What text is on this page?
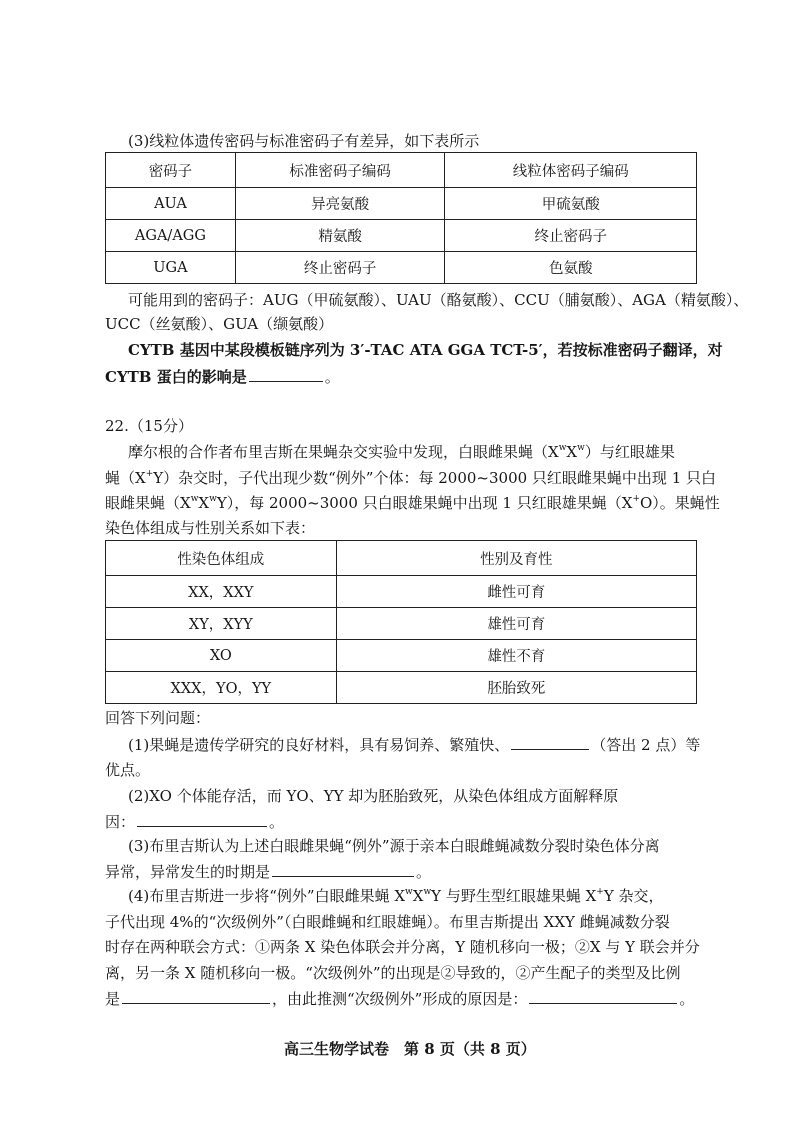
(3)线粒体遗传密码与标准密码子有差异，如下表所示
密码子	标准密码子编码	线粒体密码子编码
AUA	异亮氨酸	甲硫氨酸
AGA/AGG	精氨酸	终止密码子
UGA	终止密码子	色氨酸
可能用到的密码子：AUG（甲硫氨酸）、UAU（酪氨酸）、CCU（脯氨酸）、AGA（精氨酸）、
UCC（丝氨酸）、GUA（缬氨酸）
CYTB 基因中某段模板链序列为 3′-TAC ATA GGA TCT-5′，若按标准密码子翻译，对
CYTB 蛋白的影响是	。
22.（15分）
摩尔根的合作者布里吉斯在果蝇杂交实验中发现，白眼雌果蝇$(X^wX^w)$与红眼雄果
蝇（X+Y）杂交时，子代出现少数“例外”个体：每 2000~3000 只红眼雌果蝇中出现 1 只白
眼雌果蝇$(X^wX^wY)$，每 2000~3000 只白眼雄果蝇中出现 1 只红眼雄果蝇（X+O）。果蝇性
染色体组成与性别关系如下表：
性染色体组成	性别及育性
XX，XXY	雌性可育
XY，XYY	雄性可育
XO	雄性不育
XXX，YO，YY	胚胎致死
回答下列问题：
(1)果蝇是遗传学研究的良好材料，具有易饲养、繁殖快、	（答出 2 点）等
优点。
(2)XO 个体能存活，而 YO、YY 却为胚胎致死，从染色体组成方面解释原
因：	。
(3)布里吉斯认为上述白眼雌果蝇“例外”源于亲本白眼雌蝇减数分裂时染色体分离
异常，异常发生的时期是	。
(4)布里吉斯进一步将“例外”白眼雌果蝇 $X^wX^wY$ 与野生型红眼雄果蝇 X+Y 杂交，
子代出现 4%的“次级例外”（白眼雌蝇和红眼雄蝇）。布里吉斯提出 XXY 雌蝇减数分裂
时存在两种联会方式：①两条 X 染色体联会并分离，Y 随机移向一极；②X 与 Y 联会并分
离，另一条 X 随机移向一极。“次级例外”的出现是②导致的，②产生配子的类型及比例
是	，由此推测“次级例外”形成的原因是：	。
高三生物学试卷　第 8 页（共 8 页）
